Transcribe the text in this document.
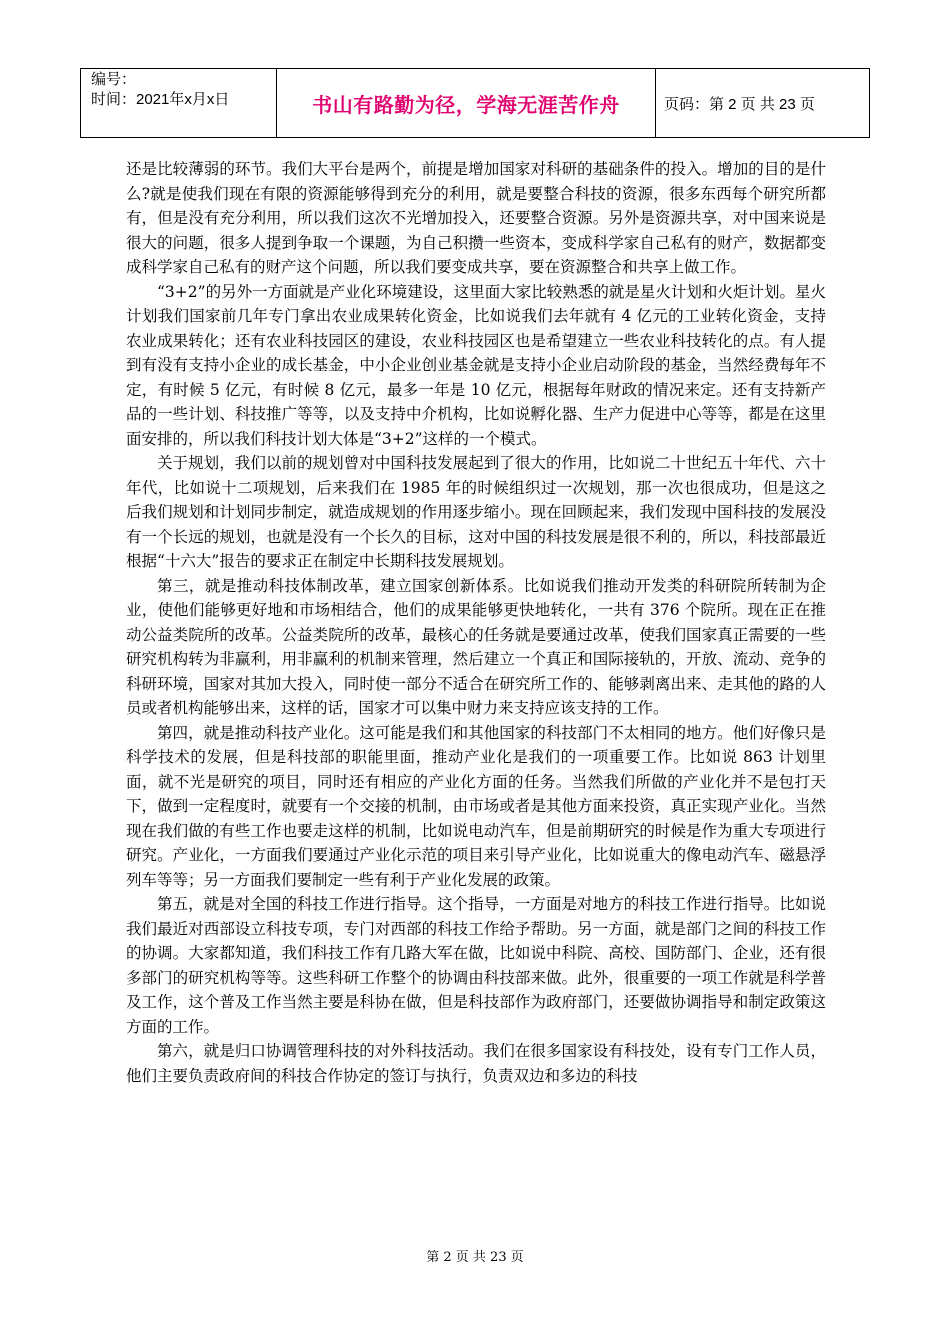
编号：
时间：2021年x月x日	书山有路勤为径，学海无涯苦作舟	页码：第 2 页 共 23 页

还是比较薄弱的环节。我们大平台是两个，前提是增加国家对科研的基础条件的投入。增加的目的是什么?就是使我们现在有限的资源能够得到充分的利用，就是要整合科技的资源，很多东西每个研究所都有，但是没有充分利用，所以我们这次不光增加投入，还要整合资源。另外是资源共享，对中国来说是很大的问题，很多人提到争取一个课题，为自己积攒一些资本，变成科学家自己私有的财产，数据都变成科学家自己私有的财产这个问题，所以我们要变成共享，要在资源整合和共享上做工作。

“3+2”的另外一方面就是产业化环境建设，这里面大家比较熟悉的就是星火计划和火炬计划。星火计划我们国家前几年专门拿出农业成果转化资金，比如说我们去年就有 4 亿元的工业转化资金，支持农业成果转化；还有农业科技园区的建设，农业科技园区也是希望建立一些农业科技转化的点。有人提到有没有支持小企业的成长基金，中小企业创业基金就是支持小企业启动阶段的基金，当然经费每年不定，有时候 5 亿元，有时候 8 亿元，最多一年是 10 亿元，根据每年财政的情况来定。还有支持新产品的一些计划、科技推广等等，以及支持中介机构，比如说孵化器、生产力促进中心等等，都是在这里面安排的，所以我们科技计划大体是“3+2”这样的一个模式。

关于规划，我们以前的规划曾对中国科技发展起到了很大的作用，比如说二十世纪五十年代、六十年代，比如说十二项规划，后来我们在 1985 年的时候组织过一次规划，那一次也很成功，但是这之后我们规划和计划同步制定，就造成规划的作用逐步缩小。现在回顾起来，我们发现中国科技的发展没有一个长远的规划，也就是没有一个长久的目标，这对中国的科技发展是很不利的，所以，科技部最近根据“十六大”报告的要求正在制定中长期科技发展规划。

第三，就是推动科技体制改革，建立国家创新体系。比如说我们推动开发类的科研院所转制为企业，使他们能够更好地和市场相结合，他们的成果能够更快地转化，一共有 376 个院所。现在正在推动公益类院所的改革。公益类院所的改革，最核心的任务就是要通过改革，使我们国家真正需要的一些研究机构转为非赢利，用非赢利的机制来管理，然后建立一个真正和国际接轨的，开放、流动、竞争的科研环境，国家对其加大投入，同时使一部分不适合在研究所工作的、能够剥离出来、走其他的路的人员或者机构能够出来，这样的话，国家才可以集中财力来支持应该支持的工作。

第四，就是推动科技产业化。这可能是我们和其他国家的科技部门不太相同的地方。他们好像只是科学技术的发展，但是科技部的职能里面，推动产业化是我们的一项重要工作。比如说 863 计划里面，就不光是研究的项目，同时还有相应的产业化方面的任务。当然我们所做的产业化并不是包打天下，做到一定程度时，就要有一个交接的机制，由市场或者是其他方面来投资，真正实现产业化。当然现在我们做的有些工作也要走这样的机制，比如说电动汽车，但是前期研究的时候是作为重大专项进行研究。产业化，一方面我们要通过产业化示范的项目来引导产业化，比如说重大的像电动汽车、磁悬浮列车等等；另一方面我们要制定一些有利于产业化发展的政策。

第五，就是对全国的科技工作进行指导。这个指导，一方面是对地方的科技工作进行指导。比如说我们最近对西部设立科技专项，专门对西部的科技工作给予帮助。另一方面，就是部门之间的科技工作的协调。大家都知道，我们科技工作有几路大军在做，比如说中科院、高校、国防部门、企业，还有很多部门的研究机构等等。这些科研工作整个的协调由科技部来做。此外，很重要的一项工作就是科学普及工作，这个普及工作当然主要是科协在做，但是科技部作为政府部门，还要做协调指导和制定政策这方面的工作。

第六，就是归口协调管理科技的对外科技活动。我们在很多国家设有科技处，设有专门工作人员，他们主要负责政府间的科技合作协定的签订与执行，负责双边和多边的科技

第 2 页 共 23 页
